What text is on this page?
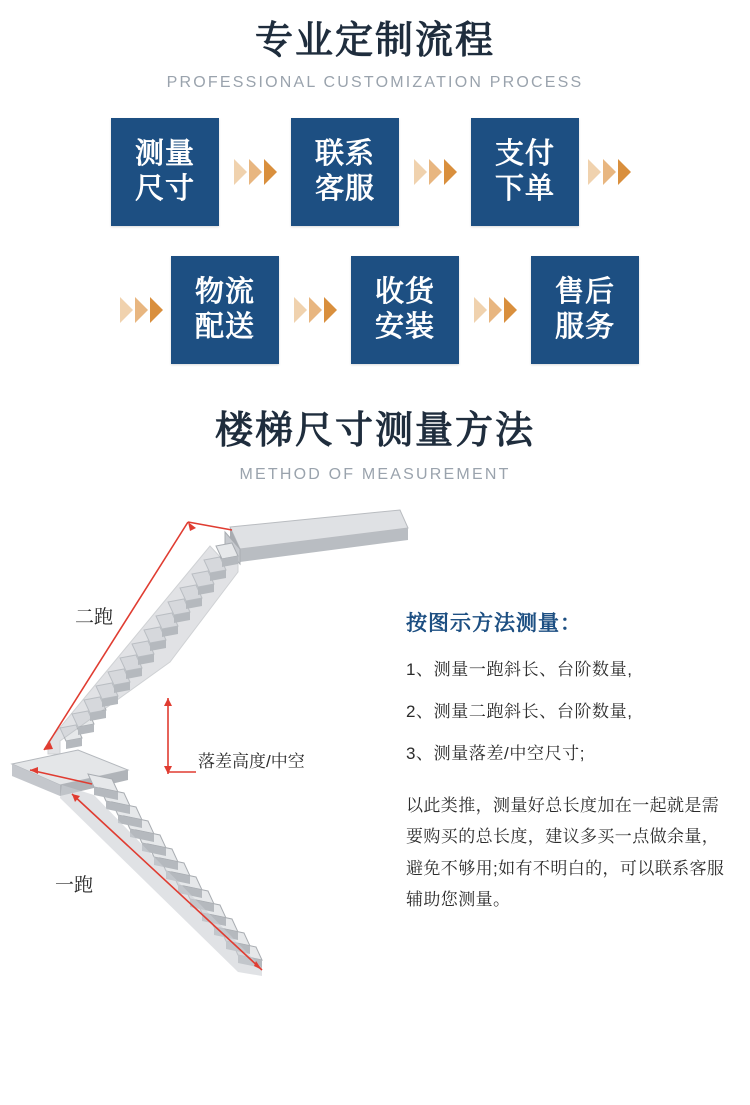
专业定制流程
PROFESSIONAL CUSTOMIZATION PROCESS
测量
尺寸
联系
客服
支付
下单
物流
配送
收货
安装
售后
服务
楼梯尺寸测量方法
METHOD OF MEASUREMENT
二跑
一跑
落差高度/中空
按图示方法测量：
1、测量一跑斜长、台阶数量,
2、测量二跑斜长、台阶数量,
3、测量落差/中空尺寸;
以此类推，测量好总长度加在一起就是需要购买的总长度，建议多买一点做余量，避免不够用;如有不明白的，可以联系客服辅助您测量。
